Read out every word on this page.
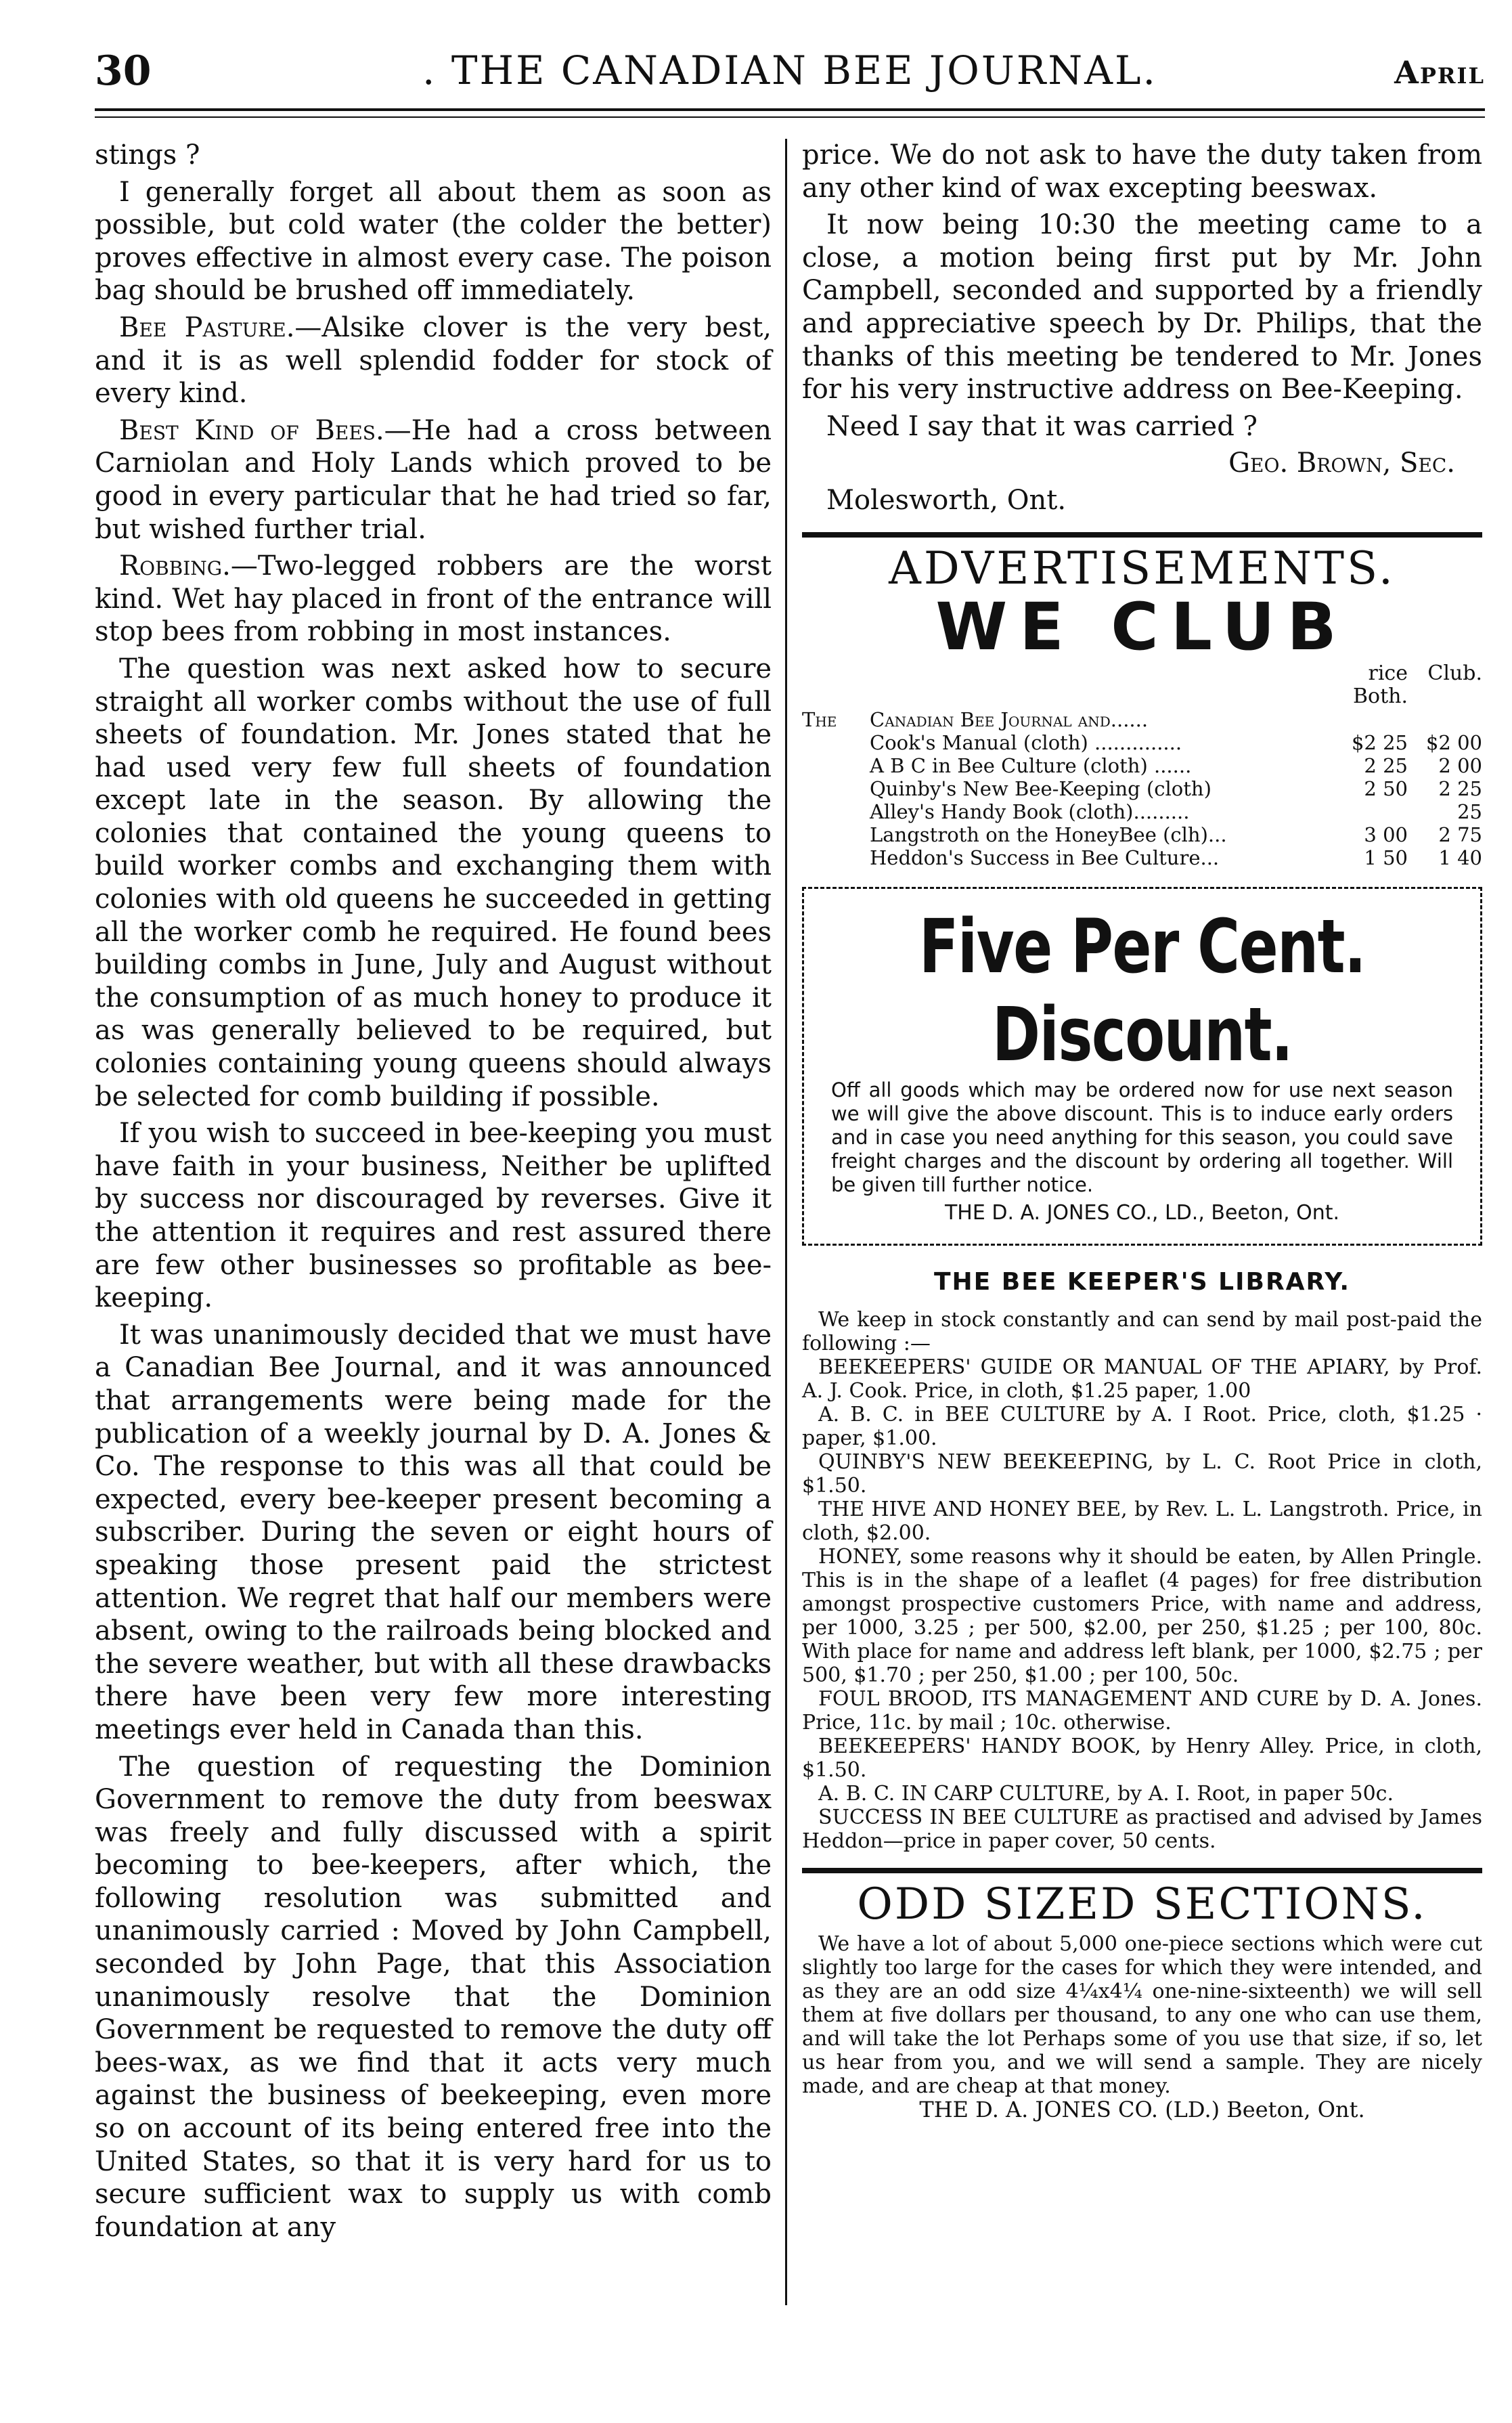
30	. THE CANADIAN BEE JOURNAL.	April

stings ?

I generally forget all about them as soon as possible, but cold water (the colder the better) proves effective in almost every case. The poison bag should be brushed off immediately.

Bee Pasture.—Alsike clover is the very best, and it is as well splendid fodder for stock of every kind.

Best Kind of Bees.—He had a cross between Carniolan and Holy Lands which proved to be good in every particular that he had tried so far, but wished further trial.

Robbing.—Two-legged robbers are the worst kind. Wet hay placed in front of the entrance will stop bees from robbing in most instances.

The question was next asked how to secure straight all worker combs without the use of full sheets of foundation. Mr. Jones stated that he had used very few full sheets of foundation except late in the season. By allowing the colonies that contained the young queens to build worker combs and exchanging them with colonies with old queens he succeeded in getting all the worker comb he required. He found bees building combs in June, July and August without the consumption of as much honey to produce it as was generally believed to be required, but colonies containing young queens should always be selected for comb building if possible.

If you wish to succeed in bee-keeping you must have faith in your business, Neither be uplifted by success nor discouraged by reverses. Give it the attention it requires and rest assured there are few other businesses so profitable as bee-keeping.

It was unanimously decided that we must have a Canadian Bee Journal, and it was announced that arrangements were being made for the publication of a weekly journal by D. A. Jones & Co. The response to this was all that could be expected, every bee-keeper present becoming a subscriber. During the seven or eight hours of speaking those present paid the strictest attention. We regret that half our members were absent, owing to the railroads being blocked and the severe weather, but with all these drawbacks there have been very few more interesting meetings ever held in Canada than this.

The question of requesting the Dominion Government to remove the duty from beeswax was freely and fully discussed with a spirit becoming to bee-keepers, after which, the following resolution was submitted and unanimously carried : Moved by John Campbell, seconded by John Page, that this Association unanimously resolve that the Dominion Government be requested to remove the duty off bees-wax, as we find that it acts very much against the business of beekeeping, even more so on account of its being entered free into the United States, so that it is very hard for us to secure sufficient wax to supply us with comb foundation at any

price. We do not ask to have the duty taken from any other kind of wax excepting beeswax.

It now being 10:30 the meeting came to a close, a motion being first put by Mr. John Campbell, seconded and supported by a friendly and appreciative speech by Dr. Philips, that the thanks of this meeting be tendered to Mr. Jones for his very instructive address on Bee-Keeping.

Need I say that it was carried ?

Geo. Brown, Sec.

Molesworth, Ont.

ADVERTISEMENTS.
WE CLUB
		rice Both.	Club.
The	Canadian Bee Journal and......		
	Cook's Manual (cloth) ..............	$2 25	$2 00
	A B C in Bee Culture (cloth) ......	2 25	2 00
	Quinby's New Bee-Keeping (cloth)	2 50	2 25
	Alley's Handy Book (cloth).........		25
	Langstroth on the HoneyBee (clh)...	3 00	2 75
	Heddon's Success in Bee Culture...	1 50	1 40
Five Per Cent. Discount.
Off all goods which may be ordered now for use next season we will give the above discount. This is to induce early orders and in case you need anything for this season, you could save freight charges and the discount by ordering all together. Will be given till further notice.
THE D. A. JONES CO., LD., Beeton, Ont.
THE BEE KEEPER'S LIBRARY.

We keep in stock constantly and can send by mail post-paid the following :—

BEEKEEPERS' GUIDE OR MANUAL OF THE APIARY, by Prof. A. J. Cook. Price, in cloth, $1.25 paper, 1.00

A. B. C. in BEE CULTURE by A. I Root. Price, cloth, $1.25 · paper, $1.00.

QUINBY'S NEW BEEKEEPING, by L. C. Root Price in cloth, $1.50.

THE HIVE AND HONEY BEE, by Rev. L. L. Langstroth. Price, in cloth, $2.00.

HONEY, some reasons why it should be eaten, by Allen Pringle. This is in the shape of a leaflet (4 pages) for free distribution amongst prospective customers Price, with name and address, per 1000, 3.25 ; per 500, $2.00, per 250, $1.25 ; per 100, 80c. With place for name and address left blank, per 1000, $2.75 ; per 500, $1.70 ; per 250, $1.00 ; per 100, 50c.

FOUL BROOD, ITS MANAGEMENT AND CURE by D. A. Jones. Price, 11c. by mail ; 10c. otherwise.

BEEKEEPERS' HANDY BOOK, by Henry Alley. Price, in cloth, $1.50.

A. B. C. IN CARP CULTURE, by A. I. Root, in paper 50c.

SUCCESS IN BEE CULTURE as practised and advised by James Heddon—price in paper cover, 50 cents.

ODD SIZED SECTIONS.

We have a lot of about 5,000 one-piece sections which were cut slightly too large for the cases for which they were intended, and as they are an odd size 4¼x4¼ one-nine-sixteenth) we will sell them at five dollars per thousand, to any one who can use them, and will take the lot Perhaps some of you use that size, if so, let us hear from you, and we will send a sample. They are nicely made, and are cheap at that money.

THE D. A. JONES CO. (LD.) Beeton, Ont.
